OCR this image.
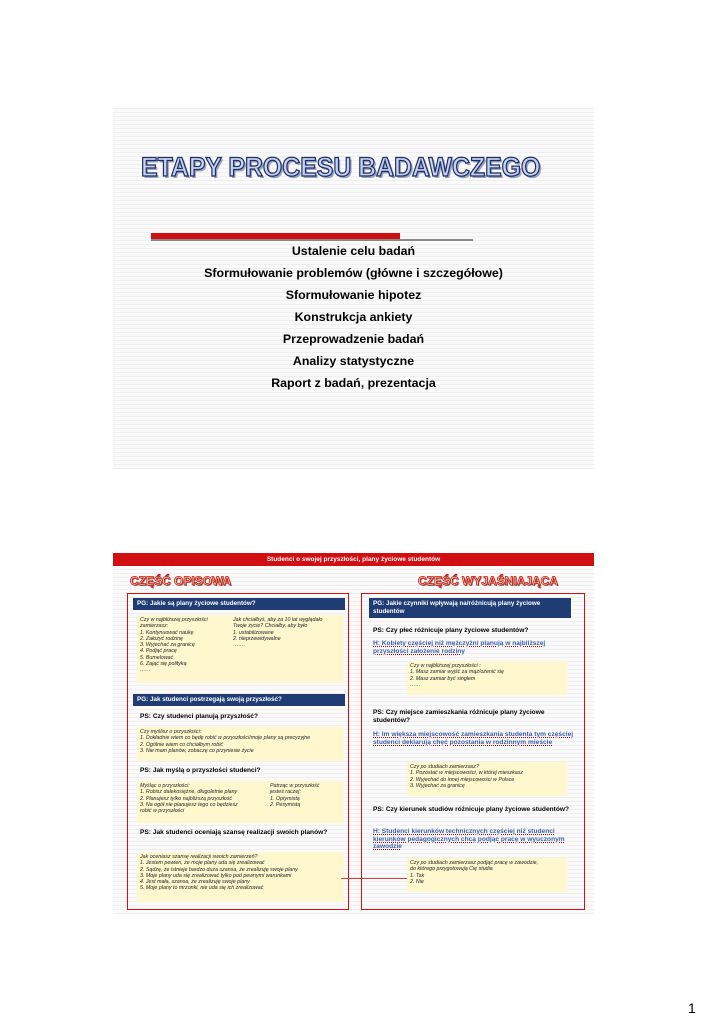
ETAPY PROCESU BADAWCZEGO
Ustalenie celu badań
Sformułowanie problemów (główne i szczegółowe)
Sformułowanie hipotez
Konstrukcja ankiety
Przeprowadzenie badań
Analizy statystyczne
Raport z badań, prezentacja
Studenci o swojej przyszłości, plany życiowe studentów
CZĘŚĆ OPISOWA	CZĘŚĆ WYJAŚNIAJĄCA
PG: Jakie są plany życiowe studentów?
Czy w najbliższej przyszłości
zamierzasz:
1. Kontynuować naukę
2. Założyć rodzinę
3. Wyjechać za granicę
4. Podjąć pracę
5. Bumelować
6. Zająć się polityką
……
Jak chciałbyś, aby za 10 lat wyglądało
Twoje życie? Chciałby, aby było
1. ustabilizowane
2. nieprzewidywalne
…….
PG: Jak studenci postrzegają swoją przyszłość?
PS: Czy studenci planują przyszłość?
Czy myślisz o przyszłości:
1. Dokładnie wiem co będę robić w przyszłości/moje plany są precyzyjne
2. Ogólnie wiem co chciałbym robić
3. Nie mam planów, zobaczę co przyniesie życie
PS: Jak myślą o przyszłości studenci?
Myśląc o przyszłości:
1. Robisz dalekosiężne, długoletnie plany
2. Planujesz tylko najbliższą przyszłość
3. Na ogół nie planujesz tego co będziesz
robić w przyszłości
Patrząc w przyszłość
jesteś raczej:
1. Optymistą
2. Pesymistą
PS: Jak studenci oceniają szansę realizacji swoich planów?
Jak oceniasz szansę realizacji swoich zamierzeń?
1. Jestem pewien, że moje plany uda się zrealizować
2. Sądzę, że istnieje bardzo duża szansa, że zrealizuję swoje plany
3. Moje plany uda się zrealizować tylko pod pewnymi warunkami
4. Jest mała, szansa, że zrealizuję swoje plany
5. Moje plany to mrzonki, nie uda się ich zrealizować
PG: Jakie czynniki wpływają na/różnicują plany życiowe studentów
PS: Czy płeć różnicuje plany życiowe studentów?
H: Kobiety częściej niż mężczyźni planują w najbliższej przyszłości założenie rodziny
Czy w najbliższej przyszłości :
1. Masz zamiar wyjść za mąż/ożenić się
2. Masz zamiar być singlem
……
PS: Czy miejsce zamieszkania różnicuje plany życiowe studentów?
H: Im większa miejscowość zamieszkania studenta tym częściej studenci deklarują chęć pozostania w rodzinnym mieście
Czy po studiach zamierzasz?
1. Pozostać w miejscowości, w której mieszkasz
2. Wyjechać do innej miejscowości w Polsce
3. Wyjechać za granicę
PS: Czy kierunek studiów różnicuje plany życiowe studentów?
H: Studenci kierunków technicznych częściej niż studenci kierunków pedagogicznych chcą podjąć pracę w wyuczonym zawodzie
Czy po studiach zamierzasz podjąć pracę w zawodzie,
do którego przygotowują Cię studia
1. Tak
2. Nie
1
